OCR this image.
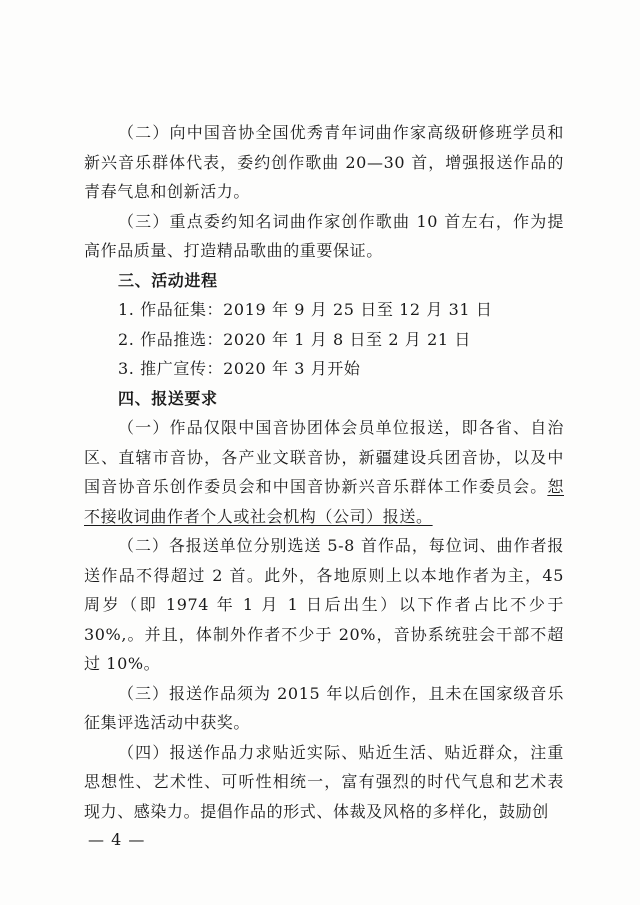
（二）向中国音协全国优秀青年词曲作家高级研修班学员和新兴音乐群体代表，委约创作歌曲 20—30 首，增强报送作品的青春气息和创新活力。

（三）重点委约知名词曲作家创作歌曲 10 首左右，作为提高作品质量、打造精品歌曲的重要保证。

三、活动进程

1. 作品征集：2019 年 9 月 25 日至 12 月 31 日

2. 作品推选：2020 年 1 月 8 日至 2 月 21 日

3. 推广宣传：2020 年 3 月开始

四、报送要求

（一）作品仅限中国音协团体会员单位报送，即各省、自治区、直辖市音协，各产业文联音协，新疆建设兵团音协，以及中国音协音乐创作委员会和中国音协新兴音乐群体工作委员会。恕不接收词曲作者个人或社会机构（公司）报送。

（二）各报送单位分别选送 5-8 首作品，每位词、曲作者报送作品不得超过 2 首。此外，各地原则上以本地作者为主，45 周岁（即 1974 年 1 月 1 日后出生）以下作者占比不少于 30%,。并且，体制外作者不少于 20%，音协系统驻会干部不超过 10%。

（三）报送作品须为 2015 年以后创作，且未在国家级音乐征集评选活动中获奖。

（四）报送作品力求贴近实际、贴近生活、贴近群众，注重思想性、艺术性、可听性相统一，富有强烈的时代气息和艺术表现力、感染力。提倡作品的形式、体裁及风格的多样化，鼓励创

— 4 —
